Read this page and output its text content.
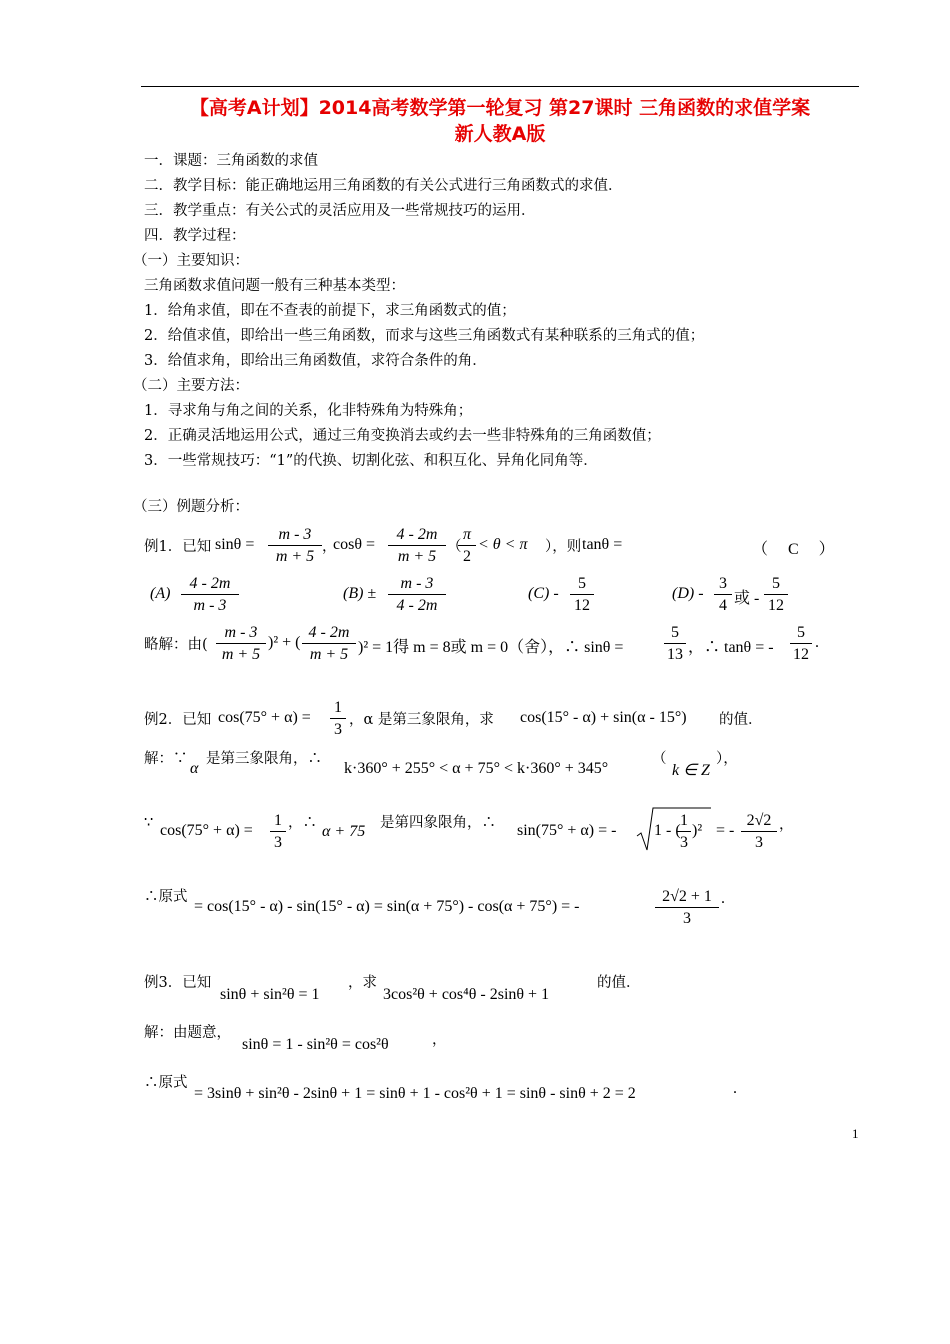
【高考A计划】2014高考数学第一轮复习 第27课时 三角函数的求值学案
新人教A版
一．课题：三角函数的求值
二．教学目标：能正确地运用三角函数的有关公式进行三角函数式的求值．
三．教学重点：有关公式的灵活应用及一些常规技巧的运用．
四．教学过程：
（一）主要知识：
三角函数求值问题一般有三种基本类型：
1．给角求值，即在不查表的前提下，求三角函数式的值；
2．给值求值，即给出一些三角函数，而求与这些三角函数式有某种联系的三角式的值；
3．给值求角，即给出三角函数值，求符合条件的角．
（二）主要方法：
1．寻求角与角之间的关系，化非特殊角为特殊角；
2．正确灵活地运用公式，通过三角变换消去或约去一些非特殊角的三角函数值；
3．一些常规技巧：“1”的代换、切割化弦、和积互化、异角化同角等．
（三）例题分析：
例1．已知 $\sin\theta = \frac{m - 3}{m + 5}$ ，
$\cos\theta = \frac{4 - 2m}{m + 5}$ （
$\frac{\pi}{2} < \theta < \pi$ ），则 tanθ =	（　 C　 ）
$(A) \frac{4 - 2m}{m - 3}$	$(B) \pm \frac{m - 3}{4 - 2m}$	$(C) - \frac{5}{12}$	$(D) - \frac{3}{4}$ 或 - $\frac{5}{12}$
略解：由( $\frac{m - 3}{m + 5} )^2$ + ( $\frac{4 - 2m}{m + 5} )^2 = 1$得 m = 8或 m = 0（舍），∴ sinθ =	$\frac{5}{13}$ ，∴ tanθ = - $\frac{5}{12}$ .
例2．已知 $\cos(75^\circ + \alpha) = \frac{1}{3}$ ，α 是第三象限角，求 cos(15° - α) + sin(α - 15°) 的值．
解：∵
α
是第三象限角，∴
k·360° + 255° < α + 75° < k·360° + 345°
（
k ∈ Z
），
∵ $\cos(75^\circ + \alpha) = \frac{1}{3}$ ，∴ α + 75 是第四象限角，∴ sin(75° + α) = - 1 - (
$\frac{1}{3} )^2$ = - $\frac{2√2}{3}$ ，
∴原式
= cos(15° - α) - sin(15° - α) = sin(α + 75°) - cos(α + 75°) = -	$\frac{2√2 + 1}{3}$ .
例3．已知
sinθ + sin²θ = 1
，求
3cos²θ + cos⁴θ - 2sinθ + 1
的值．
解：由题意，
sinθ = 1 - sin²θ = cos²θ	，
∴原式
= 3sinθ + sin²θ - 2sinθ + 1 = sinθ + 1 - cos²θ + 1 = sinθ - sinθ + 2 = 2	.
1
